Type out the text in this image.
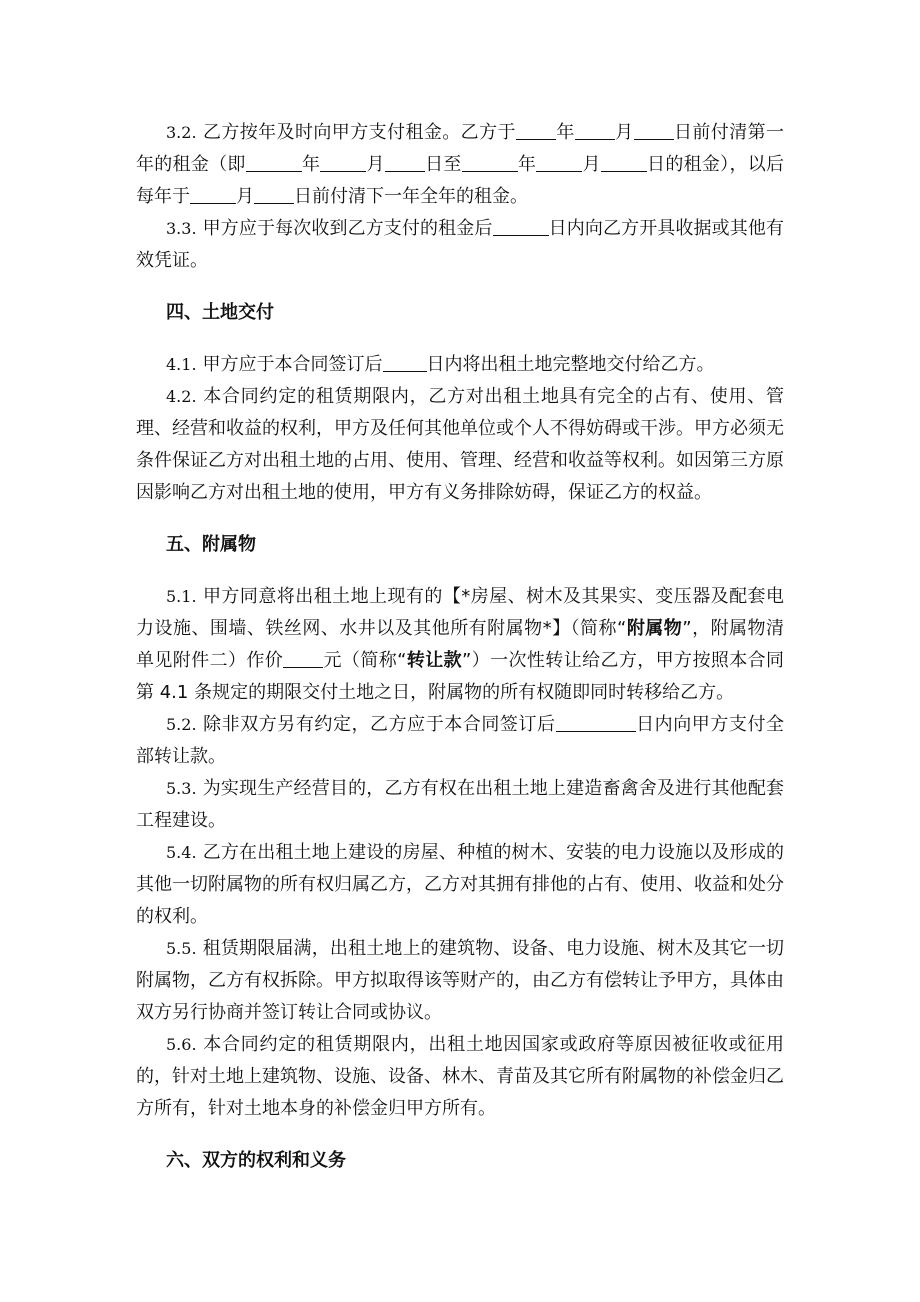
3.2. 乙方按年及时向甲方支付租金。乙方于 年 月 日前付清第一年的租金（即	年	月 日至	年	月	日的租金），以后每年于	月 日前付清下一年全年的租金。

3.3. 甲方应于每次收到乙方支付的租金后	日内向乙方开具收据或其他有效凭证。

四、土地交付

4.1. 甲方应于本合同签订后 日内将出租土地完整地交付给乙方。

4.2. 本合同约定的租赁期限内，乙方对出租土地具有完全的占有、使用、管理、经营和收益的权利，甲方及任何其他单位或个人不得妨碍或干涉。甲方必须无条件保证乙方对出租土地的占用、使用、管理、经营和收益等权利。如因第三方原因影响乙方对出租土地的使用，甲方有义务排除妨碍，保证乙方的权益。

五、附属物

5.1. 甲方同意将出租土地上现有的【*房屋、树木及其果实、变压器及配套电力设施、围墙、铁丝网、水井以及其他所有附属物*】（简称“附属物”，附属物清单见附件二）作价 元（简称“转让款”）一次性转让给乙方，甲方按照本合同第 4.1 条规定的期限交付土地之日，附属物的所有权随即同时转移给乙方。

5.2. 除非双方另有约定，乙方应于本合同签订后	日内向甲方支付全部转让款。

5.3. 为实现生产经营目的，乙方有权在出租土地上建造畜禽舍及进行其他配套工程建设。

5.4. 乙方在出租土地上建设的房屋、种植的树木、安装的电力设施以及形成的其他一切附属物的所有权归属乙方，乙方对其拥有排他的占有、使用、收益和处分的权利。

5.5. 租赁期限届满，出租土地上的建筑物、设备、电力设施、树木及其它一切附属物，乙方有权拆除。甲方拟取得该等财产的，由乙方有偿转让予甲方，具体由双方另行协商并签订转让合同或协议。

5.6. 本合同约定的租赁期限内，出租土地因国家或政府等原因被征收或征用的，针对土地上建筑物、设施、设备、林木、青苗及其它所有附属物的补偿金归乙方所有，针对土地本身的补偿金归甲方所有。

六、双方的权利和义务
